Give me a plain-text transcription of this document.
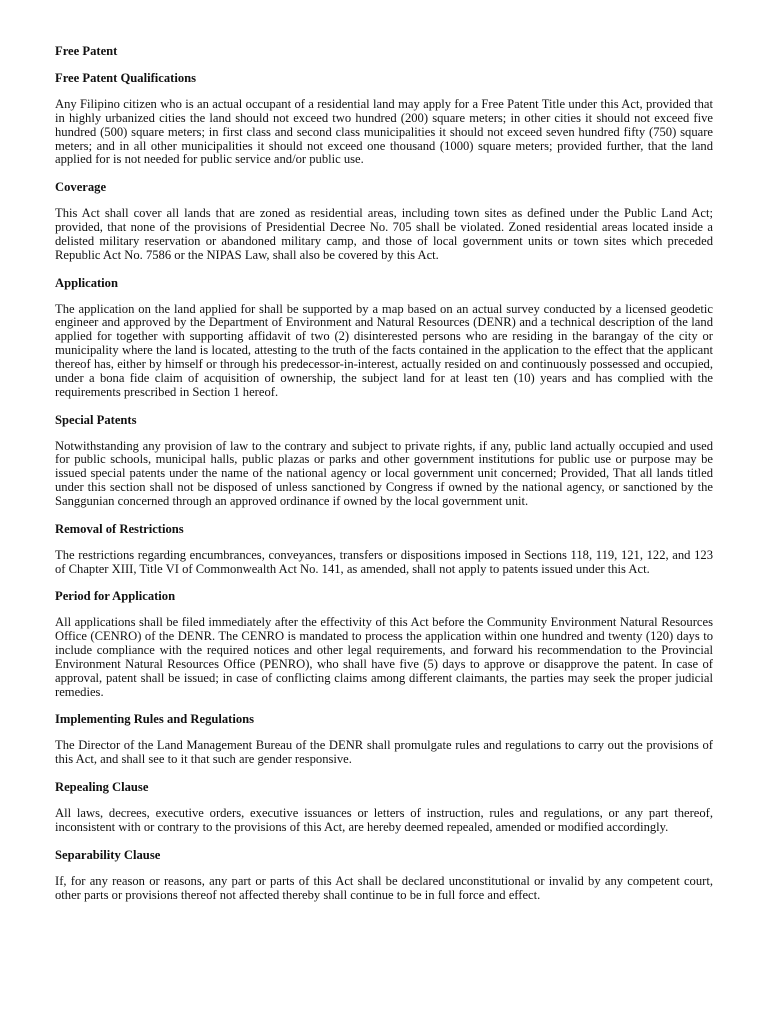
Free Patent
Free Patent Qualifications
Any Filipino citizen who is an actual occupant of a residential land may apply for a Free Patent Title under this Act, provided that in highly urbanized cities the land should not exceed two hundred (200) square meters; in other cities it should not exceed five hundred (500) square meters; in first class and second class municipalities it should not exceed seven hundred fifty (750) square meters; and in all other municipalities it should not exceed one thousand (1000) square meters; provided further, that the land applied for is not needed for public service and/or public use.
Coverage
This Act shall cover all lands that are zoned as residential areas, including town sites as defined under the Public Land Act; provided, that none of the provisions of Presidential Decree No. 705 shall be violated. Zoned residential areas located inside a delisted military reservation or abandoned military camp, and those of local government units or town sites which preceded Republic Act No. 7586 or the NIPAS Law, shall also be covered by this Act.
Application
The application on the land applied for shall be supported by a map based on an actual survey conducted by a licensed geodetic engineer and approved by the Department of Environment and Natural Resources (DENR) and a technical description of the land applied for together with supporting affidavit of two (2) disinterested persons who are residing in the barangay of the city or municipality where the land is located, attesting to the truth of the facts contained in the application to the effect that the applicant thereof has, either by himself or through his predecessor-in-interest, actually resided on and continuously possessed and occupied, under a bona fide claim of acquisition of ownership, the subject land for at least ten (10) years and has complied with the requirements prescribed in Section 1 hereof.
Special Patents
Notwithstanding any provision of law to the contrary and subject to private rights, if any, public land actually occupied and used for public schools, municipal halls, public plazas or parks and other government institutions for public use or purpose may be issued special patents under the name of the national agency or local government unit concerned; Provided, That all lands titled under this section shall not be disposed of unless sanctioned by Congress if owned by the national agency, or sanctioned by the Sanggunian concerned through an approved ordinance if owned by the local government unit.
Removal of Restrictions
The restrictions regarding encumbrances, conveyances, transfers or dispositions imposed in Sections 118, 119, 121, 122, and 123 of Chapter XIII, Title VI of Commonwealth Act No. 141, as amended, shall not apply to patents issued under this Act.
Period for Application
All applications shall be filed immediately after the effectivity of this Act before the Community Environment Natural Resources Office (CENRO) of the DENR. The CENRO is mandated to process the application within one hundred and twenty (120) days to include compliance with the required notices and other legal requirements, and forward his recommendation to the Provincial Environment Natural Resources Office (PENRO), who shall have five (5) days to approve or disapprove the patent. In case of approval, patent shall be issued; in case of conflicting claims among different claimants, the parties may seek the proper judicial remedies.
Implementing Rules and Regulations
The Director of the Land Management Bureau of the DENR shall promulgate rules and regulations to carry out the provisions of this Act, and shall see to it that such are gender responsive.
Repealing Clause
All laws, decrees, executive orders, executive issuances or letters of instruction, rules and regulations, or any part thereof, inconsistent with or contrary to the provisions of this Act, are hereby deemed repealed, amended or modified accordingly.
Separability Clause
If, for any reason or reasons, any part or parts of this Act shall be declared unconstitutional or invalid by any competent court, other parts or provisions thereof not affected thereby shall continue to be in full force and effect.
